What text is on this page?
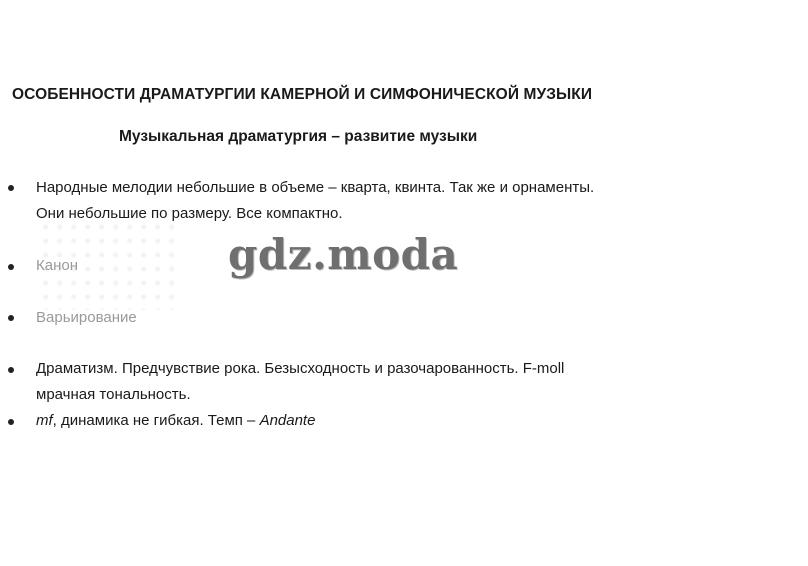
ОСОБЕННОСТИ ДРАМАТУРГИИ КАМЕРНОЙ И СИМФОНИЧЕСКОЙ МУЗЫКИ
Музыкальная драматургия – развитие музыки
Народные мелодии небольшие в объеме – кварта, квинта. Так же и орнаменты.
Они небольшие по размеру. Все компактно.
Канон
Варьирование
Драматизм. Предчувствие рока. Безысходность и разочарованность. F-moll
мрачная тональность.
mf, динамика не гибкая. Темп – Andante
gdz.moda
